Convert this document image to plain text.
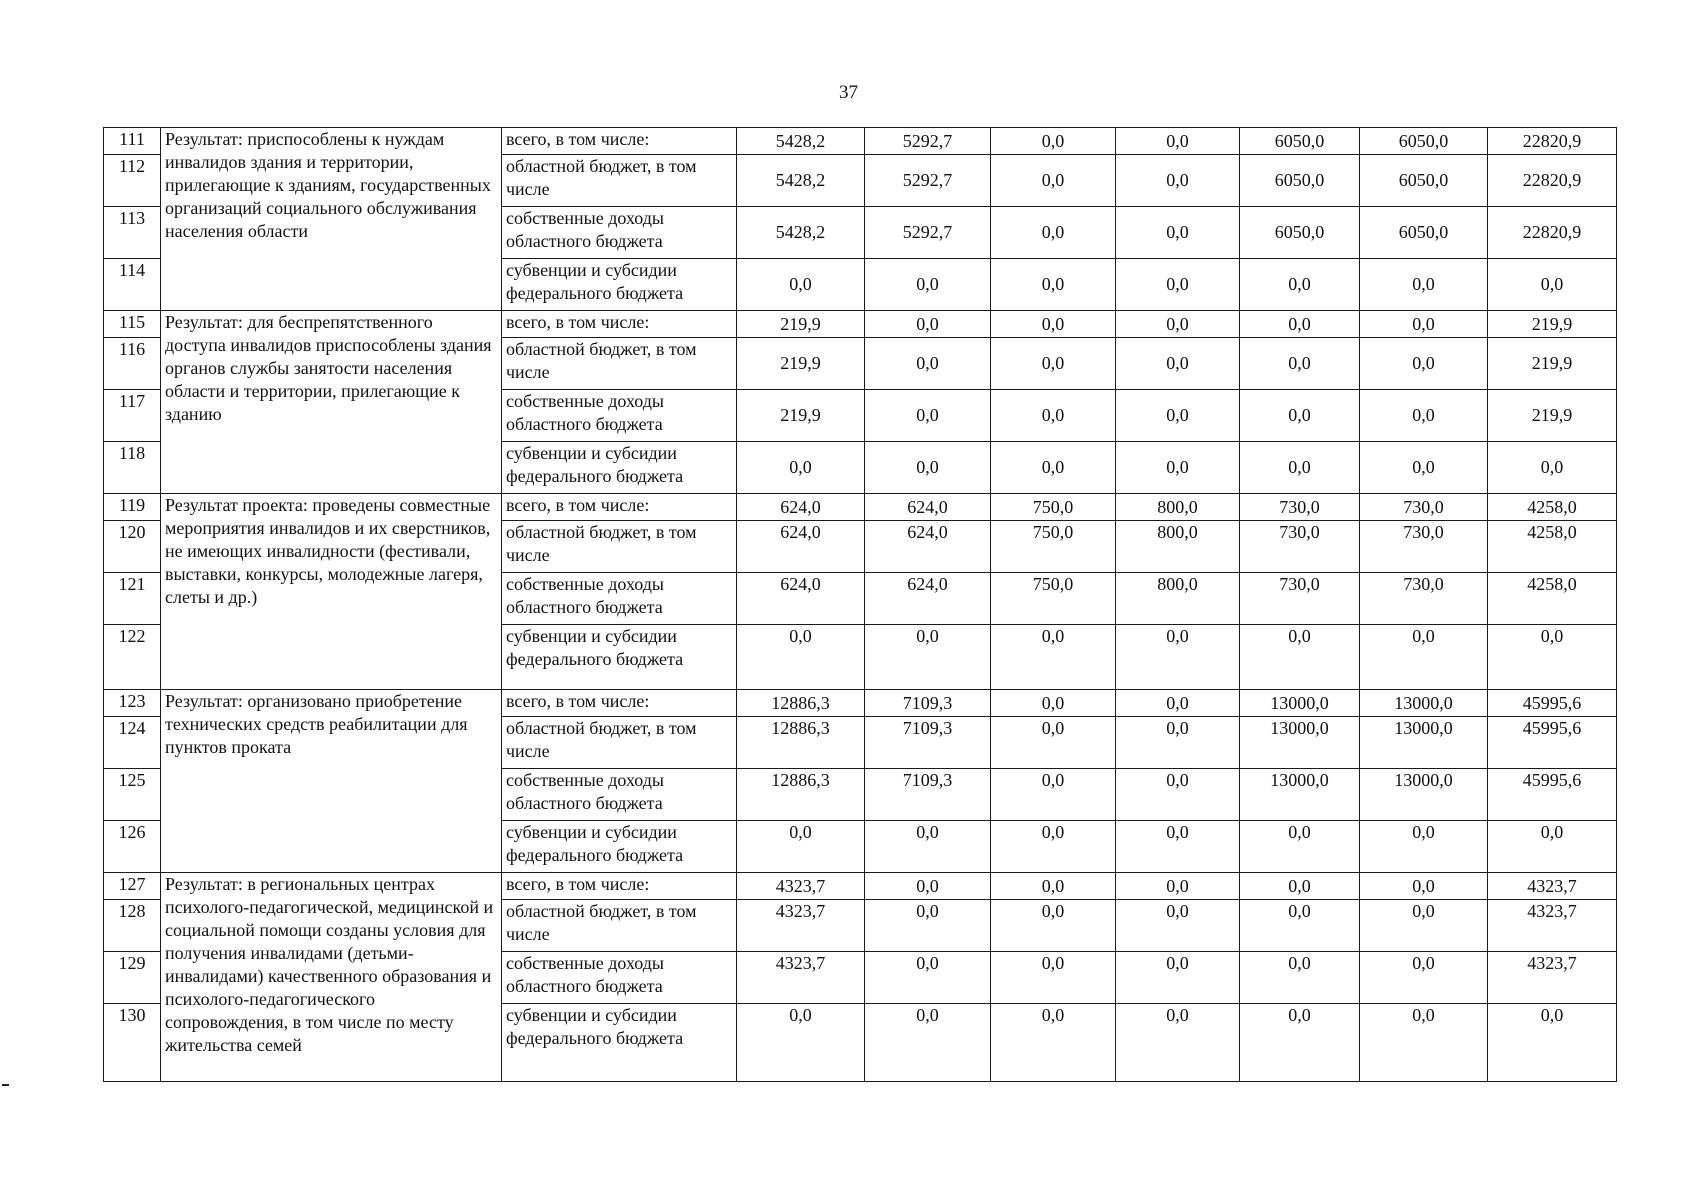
37
111	Результат: приспособлены к нуждам инвалидов здания и территории, прилегающие к зданиям, государственных организаций социального обслуживания населения области	всего, в том числе:	5428,2	5292,7	0,0	0,0	6050,0	6050,0	22820,9
112		областной бюджет, в том числе	5428,2	5292,7	0,0	0,0	6050,0	6050,0	22820,9
113		собственные доходы областного бюджета	5428,2	5292,7	0,0	0,0	6050,0	6050,0	22820,9
114		субвенции и субсидии федерального бюджета	0,0	0,0	0,0	0,0	0,0	0,0	0,0
115	Результат: для беспрепятственного доступа инвалидов приспособлены здания органов службы занятости населения области и территории, прилегающие к зданию	всего, в том числе:	219,9	0,0	0,0	0,0	0,0	0,0	219,9
116		областной бюджет, в том числе	219,9	0,0	0,0	0,0	0,0	0,0	219,9
117		собственные доходы областного бюджета	219,9	0,0	0,0	0,0	0,0	0,0	219,9
118		субвенции и субсидии федерального бюджета	0,0	0,0	0,0	0,0	0,0	0,0	0,0
119	Результат проекта: проведены совместные мероприятия инвалидов и их сверстников, не имеющих инвалидности (фестивали, выставки, конкурсы, молодежные лагеря, слеты и др.)	всего, в том числе:	624,0	624,0	750,0	800,0	730,0	730,0	4258,0
120		областной бюджет, в том числе	624,0	624,0	750,0	800,0	730,0	730,0	4258,0
121		собственные доходы областного бюджета	624,0	624,0	750,0	800,0	730,0	730,0	4258,0
122		субвенции и субсидии федерального бюджета	0,0	0,0	0,0	0,0	0,0	0,0	0,0
123	Результат: организовано приобретение технических средств реабилитации для пунктов проката	всего, в том числе:	12886,3	7109,3	0,0	0,0	13000,0	13000,0	45995,6
124		областной бюджет, в том числе	12886,3	7109,3	0,0	0,0	13000,0	13000,0	45995,6
125		собственные доходы областного бюджета	12886,3	7109,3	0,0	0,0	13000,0	13000,0	45995,6
126		субвенции и субсидии федерального бюджета	0,0	0,0	0,0	0,0	0,0	0,0	0,0
127	Результат: в региональных центрах психолого-педагогической, медицинской и социальной помощи созданы условия для получения инвалидами (детьми-инвалидами) качественного образования и психолого-педагогического сопровождения, в том числе по месту жительства семей	всего, в том числе:	4323,7	0,0	0,0	0,0	0,0	0,0	4323,7
128		областной бюджет, в том числе	4323,7	0,0	0,0	0,0	0,0	0,0	4323,7
129		собственные доходы областного бюджета	4323,7	0,0	0,0	0,0	0,0	0,0	4323,7
130		субвенции и субсидии федерального бюджета	0,0	0,0	0,0	0,0	0,0	0,0	0,0
